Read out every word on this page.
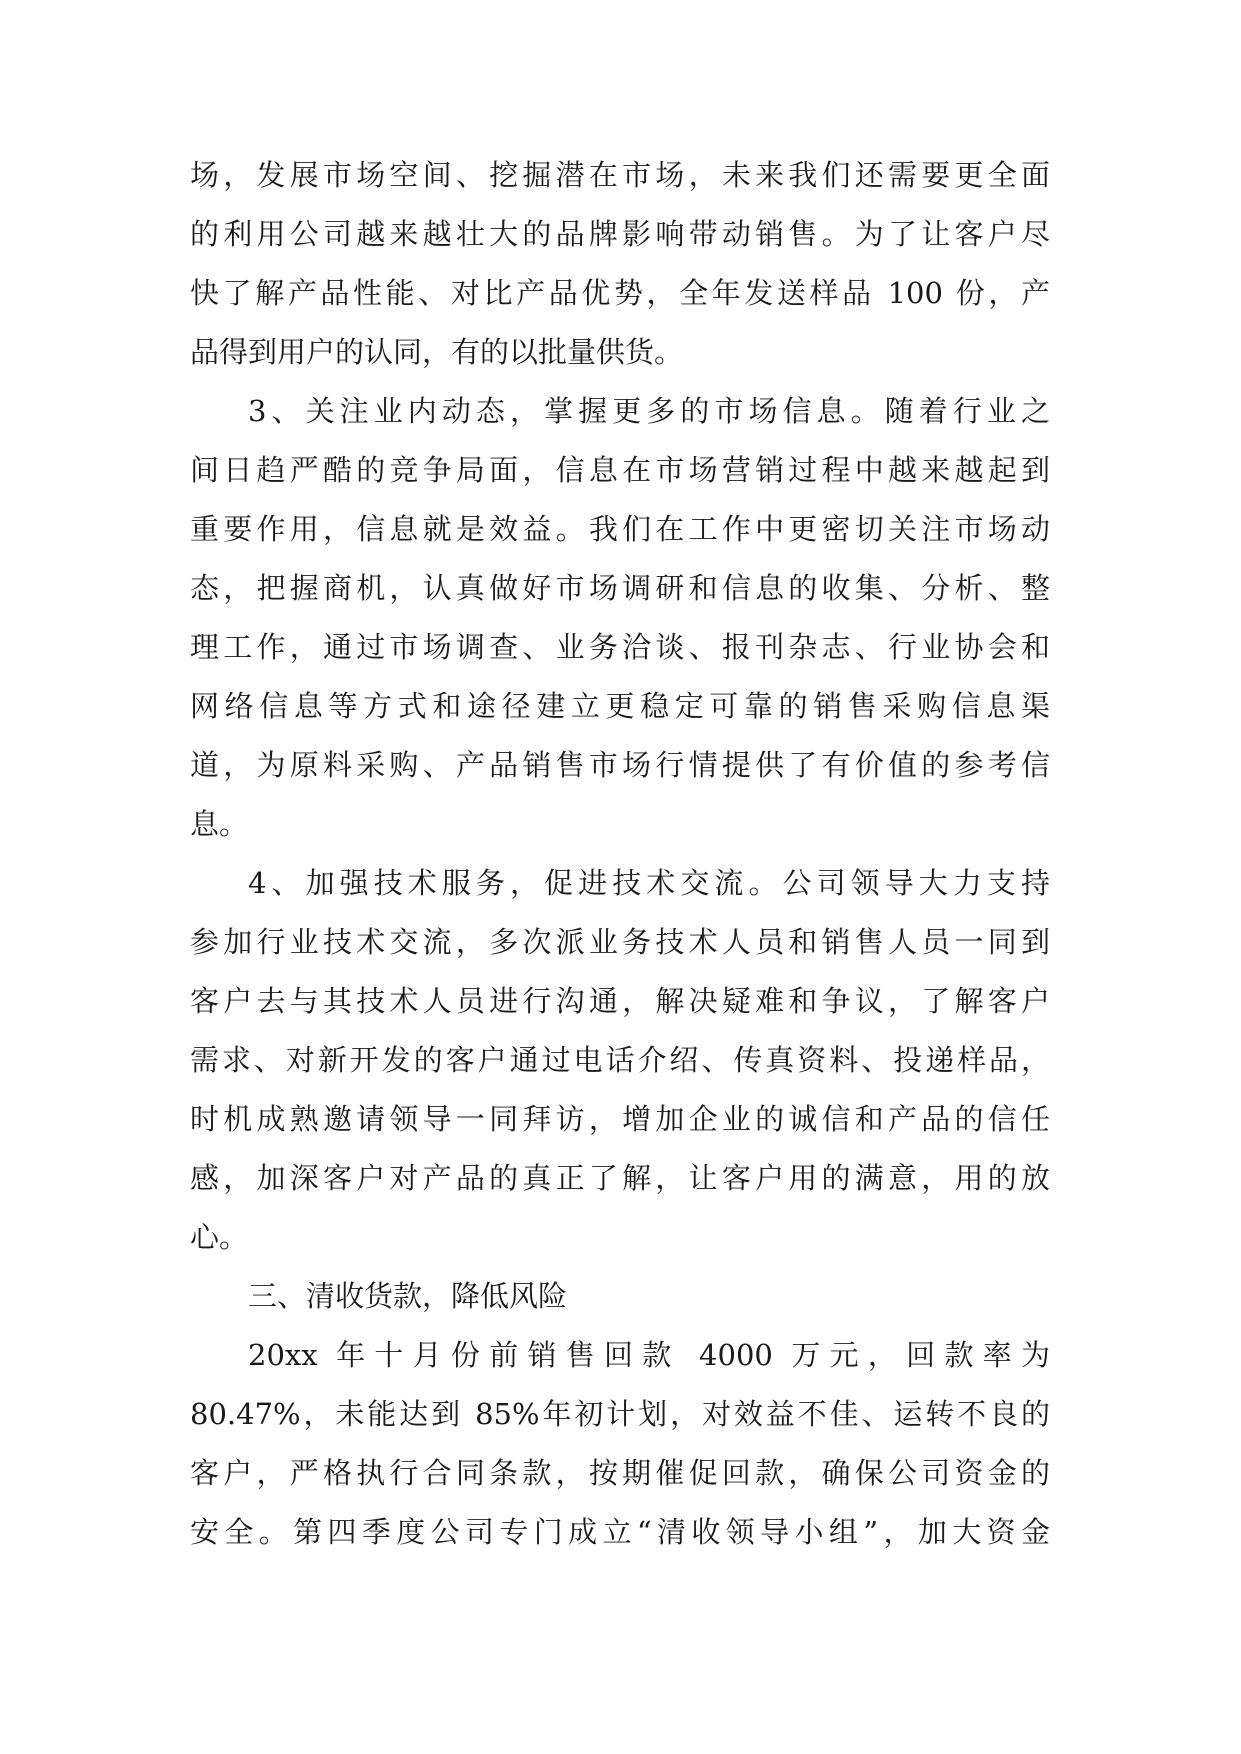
场，发展市场空间、挖掘潜在市场，未来我们还需要更全面
的利用公司越来越壮大的品牌影响带动销售。为了让客户尽
快了解产品性能、对比产品优势，全年发送样品 100 份，产
品得到用户的认同，有的以批量供货。
3、关注业内动态，掌握更多的市场信息。随着行业之
间日趋严酷的竞争局面，信息在市场营销过程中越来越起到
重要作用，信息就是效益。我们在工作中更密切关注市场动
态，把握商机，认真做好市场调研和信息的收集、分析、整
理工作，通过市场调查、业务洽谈、报刊杂志、行业协会和
网络信息等方式和途径建立更稳定可靠的销售采购信息渠
道，为原料采购、产品销售市场行情提供了有价值的参考信
息。
4、加强技术服务，促进技术交流。公司领导大力支持
参加行业技术交流，多次派业务技术人员和销售人员一同到
客户去与其技术人员进行沟通，解决疑难和争议，了解客户
需求、对新开发的客户通过电话介绍、传真资料、投递样品，
时机成熟邀请领导一同拜访，增加企业的诚信和产品的信任
感，加深客户对产品的真正了解，让客户用的满意，用的放
心。
三、清收货款，降低风险
20xx 年十月份前销售回款 4000 万元，回款率为
80.47%，未能达到 85%年初计划，对效益不佳、运转不良的
客户，严格执行合同条款，按期催促回款，确保公司资金的
安全。第四季度公司专门成立“清收领导小组”，加大资金
